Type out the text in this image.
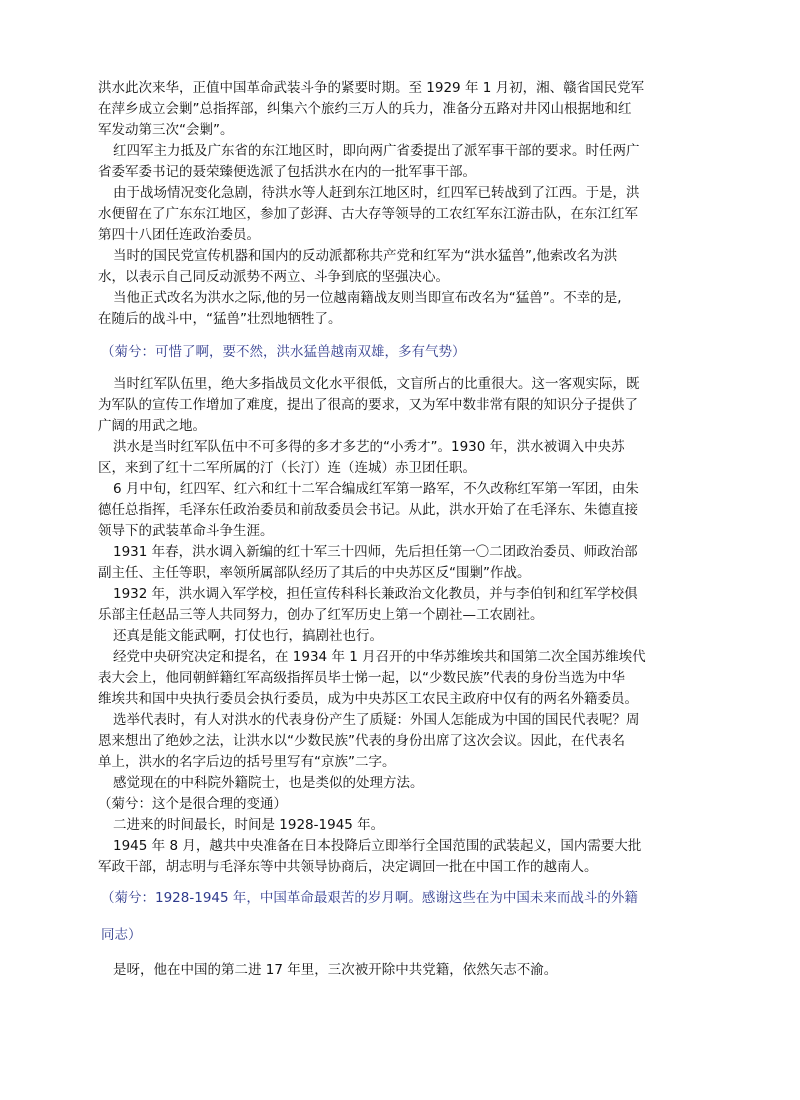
洪水此次来华，正值中国革命武装斗争的紧要时期。至 1929 年 1 月初，湘、赣省国民党军

在萍乡成立会剿”总指挥部，纠集六个旅约三万人的兵力，准备分五路对井冈山根据地和红

军发动第三次“会剿”。

红四军主力抵及广东省的东江地区时，即向两广省委提出了派军事干部的要求。时任两广

省委军委书记的聂荣臻便选派了包括洪水在内的一批军事干部。

由于战场情况变化急剧，待洪水等人赶到东江地区时，红四军已转战到了江西。于是，洪

水便留在了广东东江地区，参加了彭湃、古大存等领导的工农红军东江游击队，在东江红军

第四十八团任连政治委员。

当时的国民党宣传机器和国内的反动派都称共产党和红军为“洪水猛兽”,他索改名为洪

水，以表示自己同反动派势不两立、斗争到底的坚强决心。

当他正式改名为洪水之际,他的另一位越南籍战友则当即宣布改名为“猛兽”。不幸的是,

在随后的战斗中，“猛兽”壮烈地牺牲了。

（菊兮：可惜了啊，要不然，洪水猛兽越南双雄，多有气势）

当时红军队伍里，绝大多指战员文化水平很低，文盲所占的比重很大。这一客观实际，既

为军队的宣传工作增加了难度，提出了很高的要求，又为军中数非常有限的知识分子提供了

广阔的用武之地。

洪水是当时红军队伍中不可多得的多才多艺的“小秀才”。1930 年，洪水被调入中央苏

区，来到了红十二军所属的汀（长汀）连（连城）赤卫团任职。

6 月中旬，红四军、红六和红十二军合编成红军第一路军，不久改称红军第一军团，由朱

德任总指挥，毛泽东任政治委员和前敌委员会书记。从此，洪水开始了在毛泽东、朱德直接

领导下的武装革命斗争生涯。

1931 年春，洪水调入新编的红十军三十四师，先后担任第一〇二团政治委员、师政治部

副主任、主任等职，率领所属部队经历了其后的中央苏区反“围剿”作战。

1932 年，洪水调入军学校，担任宣传科科长兼政治文化教员，并与李伯钊和红军学校俱

乐部主任赵品三等人共同努力，创办了红军历史上第一个剧社—工农剧社。

还真是能文能武啊，打仗也行，搞剧社也行。

经党中央研究决定和提名，在 1934 年 1 月召开的中华苏维埃共和国第二次全国苏维埃代

表大会上，他同朝鲜籍红军高级指挥员毕士悌一起，以“少数民族”代表的身份当选为中华

维埃共和国中央执行委员会执行委员，成为中央苏区工农民主政府中仅有的两名外籍委员。

选举代表时，有人对洪水的代表身份产生了质疑：外国人怎能成为中国的国民代表呢？周

恩来想出了绝妙之法，让洪水以“少数民族”代表的身份出席了这次会议。因此，在代表名

单上，洪水的名字后边的括号里写有“京族”二字。

感觉现在的中科院外籍院士，也是类似的处理方法。

（菊兮：这个是很合理的变通）

二进来的时间最长，时间是 1928-1945 年。

1945 年 8 月，越共中央准备在日本投降后立即举行全国范围的武装起义，国内需要大批

军政干部，胡志明与毛泽东等中共领导协商后，决定调回一批在中国工作的越南人。

（菊兮：1928-1945 年，中国革命最艰苦的岁月啊。感谢这些在为中国未来而战斗的外籍

同志）

是呀，他在中国的第二进 17 年里，三次被开除中共党籍，依然矢志不渝。
